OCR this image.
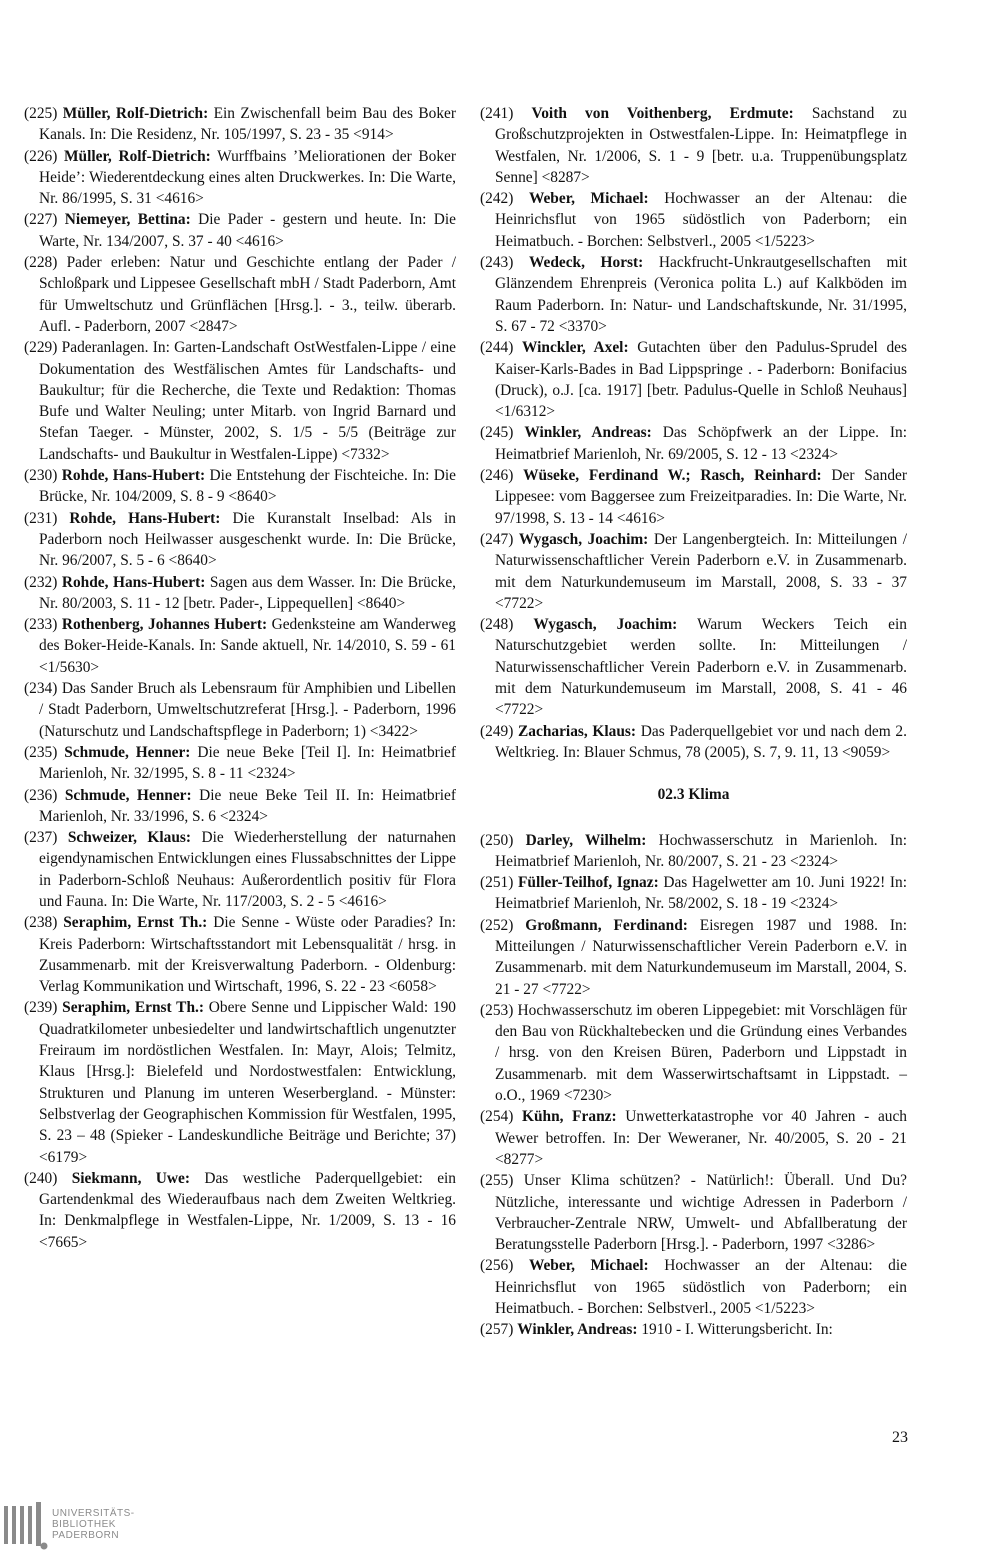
(225) Müller, Rolf-Dietrich: Ein Zwischenfall beim Bau des Boker Kanals. In: Die Residenz, Nr. 105/1997, S. 23 - 35 <914>

(226) Müller, Rolf-Dietrich: Wurffbains ’Meliorationen der Boker Heide’: Wiederentdeckung eines alten Druckwerkes. In: Die Warte, Nr. 86/1995, S. 31 <4616>

(227) Niemeyer, Bettina: Die Pader - gestern und heute. In: Die Warte, Nr. 134/2007, S. 37 - 40 <4616>

(228) Pader erleben: Natur und Geschichte entlang der Pader / Schloßpark und Lippesee Gesellschaft mbH / Stadt Paderborn, Amt für Umweltschutz und Grünflächen [Hrsg.]. - 3., teilw. überarb. Aufl. - Paderborn, 2007 <2847>

(229) Paderanlagen. In: Garten-Landschaft OstWestfalen-Lippe / eine Dokumentation des Westfälischen Amtes für Landschafts- und Baukultur; für die Recherche, die Texte und Redaktion: Thomas Bufe und Walter Neuling; unter Mitarb. von Ingrid Barnard und Stefan Taeger. - Münster, 2002, S. 1/5 - 5/5 (Beiträge zur Landschafts- und Baukultur in Westfalen-Lippe) <7332>

(230) Rohde, Hans-Hubert: Die Entstehung der Fischteiche. In: Die Brücke, Nr. 104/2009, S. 8 - 9 <8640>

(231) Rohde, Hans-Hubert: Die Kuranstalt Inselbad: Als in Paderborn noch Heilwasser ausgeschenkt wurde. In: Die Brücke, Nr. 96/2007, S. 5 - 6 <8640>

(232) Rohde, Hans-Hubert: Sagen aus dem Wasser. In: Die Brücke, Nr. 80/2003, S. 11 - 12 [betr. Pader-, Lippequellen] <8640>

(233) Rothenberg, Johannes Hubert: Gedenksteine am Wanderweg des Boker-Heide-Kanals. In: Sande aktuell, Nr. 14/2010, S. 59 - 61 <1/5630>

(234) Das Sander Bruch als Lebensraum für Amphibien und Libellen / Stadt Paderborn, Umweltschutzreferat [Hrsg.]. - Paderborn, 1996 (Naturschutz und Landschaftspflege in Paderborn; 1) <3422>

(235) Schmude, Henner: Die neue Beke [Teil I]. In: Heimatbrief Marienloh, Nr. 32/1995, S. 8 - 11 <2324>

(236) Schmude, Henner: Die neue Beke Teil II. In: Heimatbrief Marienloh, Nr. 33/1996, S. 6 <2324>

(237) Schweizer, Klaus: Die Wiederherstellung der naturnahen eigendynamischen Entwicklungen eines Flussabschnittes der Lippe in Paderborn-Schloß Neuhaus: Außerordentlich positiv für Flora und Fauna. In: Die Warte, Nr. 117/2003, S. 2 - 5 <4616>

(238) Seraphim, Ernst Th.: Die Senne - Wüste oder Paradies? In: Kreis Paderborn: Wirtschaftsstandort mit Lebensqualität / hrsg. in Zusammenarb. mit der Kreisverwaltung Paderborn. - Oldenburg: Verlag Kommunikation und Wirtschaft, 1996, S. 22 - 23 <6058>

(239) Seraphim, Ernst Th.: Obere Senne und Lippischer Wald: 190 Quadratkilometer unbesiedelter und landwirtschaftlich ungenutzter Freiraum im nordöstlichen Westfalen. In: Mayr, Alois; Telmitz, Klaus [Hrsg.]: Bielefeld und Nordostwestfalen: Entwicklung, Strukturen und Planung im unteren Weserbergland. - Münster: Selbstverlag der Geographischen Kommission für Westfalen, 1995, S. 23 – 48 (Spieker - Landeskundliche Beiträge und Berichte; 37) <6179>

(240) Siekmann, Uwe: Das westliche Paderquellgebiet: ein Gartendenkmal des Wiederaufbaus nach dem Zweiten Weltkrieg. In: Denkmalpflege in Westfalen-Lippe, Nr. 1/2009, S. 13 - 16 <7665>

(241) Voith von Voithenberg, Erdmute: Sachstand zu Großschutzprojekten in Ostwestfalen-Lippe. In: Heimatpflege in Westfalen, Nr. 1/2006, S. 1 - 9 [betr. u.a. Truppenübungsplatz Senne] <8287>

(242) Weber, Michael: Hochwasser an der Altenau: die Heinrichsflut von 1965 südöstlich von Paderborn; ein Heimatbuch. - Borchen: Selbstverl., 2005 <1/5223>

(243) Wedeck, Horst: Hackfrucht-Unkrautgesellschaften mit Glänzendem Ehrenpreis (Veronica polita L.) auf Kalkböden im Raum Paderborn. In: Natur- und Landschaftskunde, Nr. 31/1995, S. 67 - 72 <3370>

(244) Winckler, Axel: Gutachten über den Padulus-Sprudel des Kaiser-Karls-Bades in Bad Lippspringe . - Paderborn: Bonifacius (Druck), o.J. [ca. 1917] [betr. Padulus-Quelle in Schloß Neuhaus] <1/6312>

(245) Winkler, Andreas: Das Schöpfwerk an der Lippe. In: Heimatbrief Marienloh, Nr. 69/2005, S. 12 - 13 <2324>

(246) Wüseke, Ferdinand W.; Rasch, Reinhard: Der Sander Lippesee: vom Baggersee zum Freizeitparadies. In: Die Warte, Nr. 97/1998, S. 13 - 14 <4616>

(247) Wygasch, Joachim: Der Langenbergteich. In: Mitteilungen / Naturwissenschaftlicher Verein Paderborn e.V. in Zusammenarb. mit dem Naturkundemuseum im Marstall, 2008, S. 33 - 37 <7722>

(248) Wygasch, Joachim: Warum Weckers Teich ein Naturschutzgebiet werden sollte. In: Mitteilungen / Naturwissenschaftlicher Verein Paderborn e.V. in Zusammenarb. mit dem Naturkundemuseum im Marstall, 2008, S. 41 - 46 <7722>

(249) Zacharias, Klaus: Das Paderquellgebiet vor und nach dem 2. Weltkrieg. In: Blauer Schmus, 78 (2005), S. 7, 9. 11, 13 <9059>

02.3 Klima

(250) Darley, Wilhelm: Hochwasserschutz in Marienloh. In: Heimatbrief Marienloh, Nr. 80/2007, S. 21 - 23 <2324>

(251) Füller-Teilhof, Ignaz: Das Hagelwetter am 10. Juni 1922! In: Heimatbrief Marienloh, Nr. 58/2002, S. 18 - 19 <2324>

(252) Großmann, Ferdinand: Eisregen 1987 und 1988. In: Mitteilungen / Naturwissenschaftlicher Verein Paderborn e.V. in Zusammenarb. mit dem Naturkundemuseum im Marstall, 2004, S. 21 - 27 <7722>

(253) Hochwasserschutz im oberen Lippegebiet: mit Vorschlägen für den Bau von Rückhaltebecken und die Gründung eines Verbandes / hrsg. von den Kreisen Büren, Paderborn und Lippstadt in Zusammenarb. mit dem Wasserwirtschaftsamt in Lippstadt. – o.O., 1969 <7230>

(254) Kühn, Franz: Unwetterkatastrophe vor 40 Jahren - auch Wewer betroffen. In: Der Weweraner, Nr. 40/2005, S. 20 - 21 <8277>

(255) Unser Klima schützen? - Natürlich!: Überall. Und Du? Nützliche, interessante und wichtige Adressen in Paderborn / Verbraucher-Zentrale NRW, Umwelt- und Abfallberatung der Beratungsstelle Paderborn [Hrsg.]. - Paderborn, 1997 <3286>

(256) Weber, Michael: Hochwasser an der Altenau: die Heinrichsflut von 1965 südöstlich von Paderborn; ein Heimatbuch. - Borchen: Selbstverl., 2005 <1/5223>

(257) Winkler, Andreas: 1910 - I. Witterungsbericht. In:

23
UNIVERSITÄTS-
BIBLIOTHEK
PADERBORN
